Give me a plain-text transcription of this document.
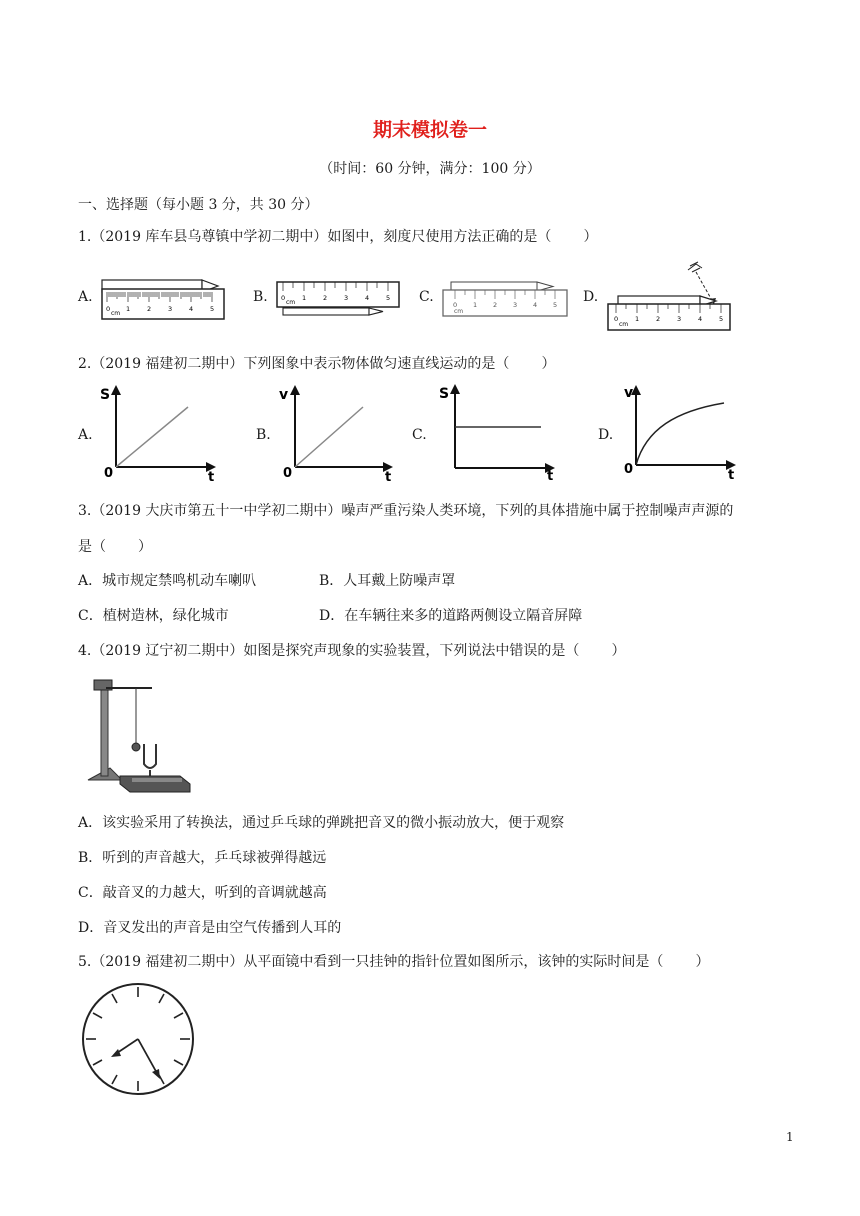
期末模拟卷一
（时间：60 分钟，满分：100 分）
一、选择题（每小题 3 分，共 30 分）
1.（2019 库车县乌尊镇中学初二期中）如图中，刻度尺使用方法正确的是（ ）
A.	B.	C.	D.
0
cm
1	2	3	4	5
0
cm
1	2	3	4	5
0
cm
1 2 3 4 5
0
cm
1	2	3	4	5
2.（2019 福建初二期中）下列图象中表示物体做匀速直线运动的是（ ）
A.	B.	C.	D.
S
0	t
v
0	t
S
t
v
0	t
3.（2019 大庆市第五十一中学初二期中）噪声严重污染人类环境，下列的具体措施中属于控制噪声声源的
是（ ）
A．城市规定禁鸣机动车喇叭	B．人耳戴上防噪声罩
C．植树造林，绿化城市	D．在车辆往来多的道路两侧设立隔音屏障
4.（2019 辽宁初二期中）如图是探究声现象的实验装置，下列说法中错误的是（ ）
A．该实验采用了转换法，通过乒乓球的弹跳把音叉的微小振动放大，便于观察
B．听到的声音越大，乒乓球被弹得越远
C．敲音叉的力越大，听到的音调就越高
D．音叉发出的声音是由空气传播到人耳的
5.（2019 福建初二期中）从平面镜中看到一只挂钟的指针位置如图所示，该钟的实际时间是（ ）
1
